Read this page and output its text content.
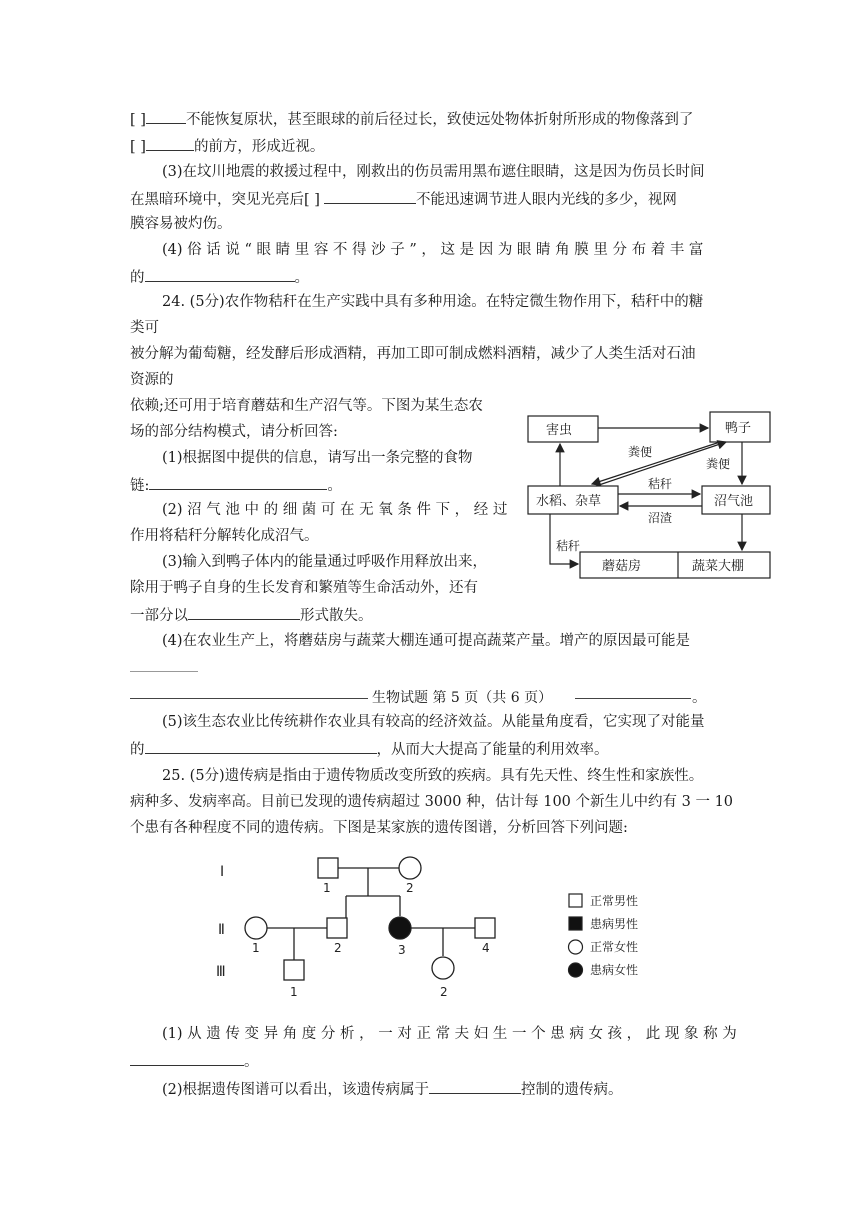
[ ]	不能恢复原状，甚至眼球的前后径过长，致使远处物体折射所形成的物像落到了
[ ]	的前方，形成近视。
(3)在坟川地震的救援过程中，刚救出的伤员需用黑布遮住眼睛，这是因为伤员长时间
在黑暗环境中，突见光亮后[ ]	不能迅速调节进人眼内光线的多少，视网
膜容易被灼伤。
(4) 俗 话 说 “ 眼 睛 里 容 不 得 沙 子 ” ， 这 是 因 为 眼 睛 角 膜 里 分 布 着 丰 富
的	。
24. (5分)农作物秸秆在生产实践中具有多种用途。在特定微生物作用下，秸秆中的糖
类可
被分解为葡萄糖，经发酵后形成酒精，再加工即可制成燃料酒精，减少了人类生活对石油
资源的
依赖;还可用于培育蘑菇和生产沼气等。下图为某生态农
场的部分结构模式，请分析回答:
(1)根据图中提供的信息，请写出一条完整的食物
链:	。
(2) 沼 气 池 中 的 细 菌 可 在 无 氧 条 件 下 ， 经 过
作用将秸秆分解转化成沼气。
(3)输入到鸭子体内的能量通过呼吸作用释放出来，
除用于鸭子自身的生长发育和繁殖等生命活动外，还有
一部分以	形式散失。
害虫	鸭子
水稻、杂草	沼气池
蘑菇房	蔬菜大棚
粪便
粪便
秸秆
沼渣
秸秆
(4)在农业生产上，将蘑菇房与蔬菜大棚连通可提高蔬菜产量。增产的原因最可能是
生物试题 第 5 页（共 6 页）	。
(5)该生态农业比传统耕作农业具有较高的经济效益。从能量角度看，它实现了对能量
的	，从而大大提高了能量的利用效率。
25. (5分)遗传病是指由于遗传物质改变所致的疾病。具有先天性、终生性和家族性。
病种多、发病率高。目前已发现的遗传病超过 3000 种，估计每 100 个新生儿中约有 3 一 10
个患有各种程度不同的遗传病。下图是某家族的遗传图谱，分析回答下列问题:
Ⅰ
Ⅱ
Ⅲ
1	2
1	2	3	4
1	2
正常男性
患病男性
正常女性
患病女性
(1) 从 遗 传 变 异 角 度 分 析 ， 一 对 正 常 夫 妇 生 一 个 患 病 女 孩 ， 此 现 象 称 为
。
(2)根据遗传图谱可以看出，该遗传病属于	控制的遗传病。
